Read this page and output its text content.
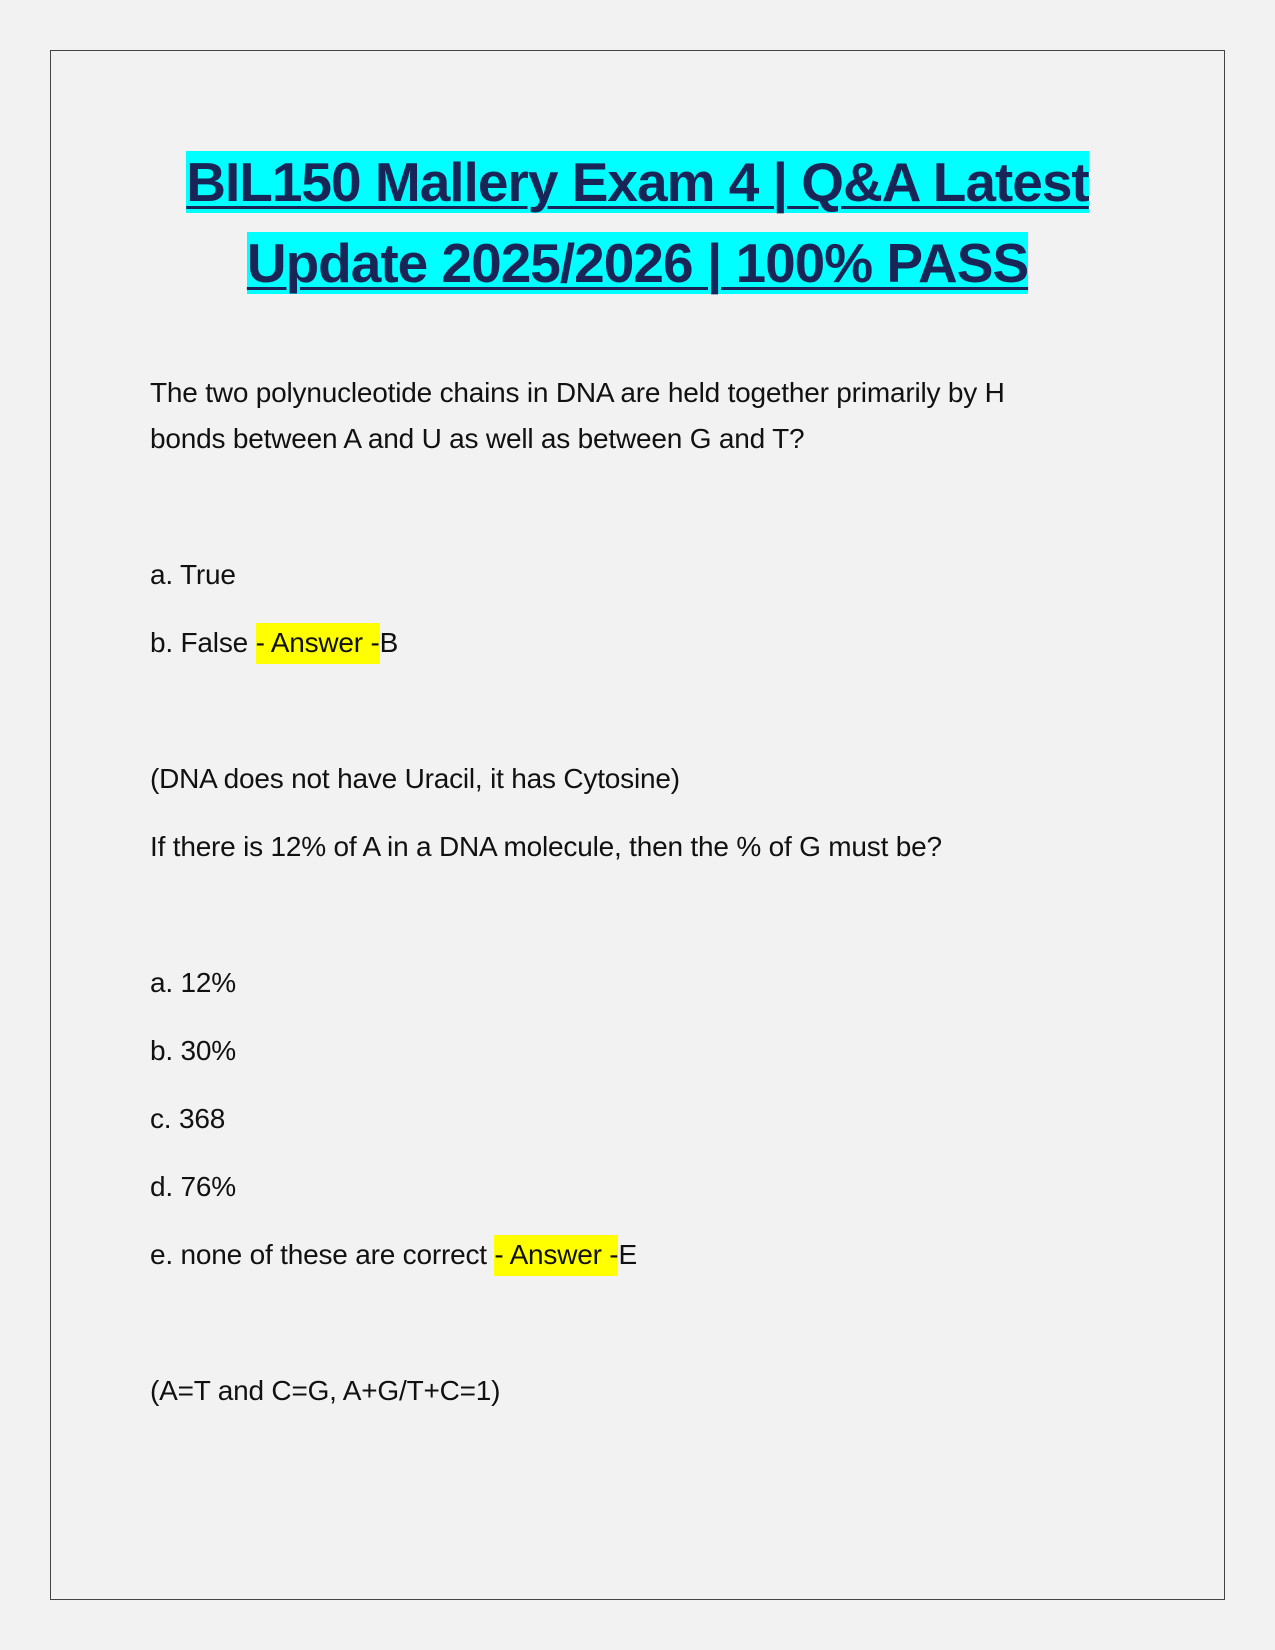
BIL150 Mallery Exam 4 | Q&A Latest
Update 2025/2026 | 100% PASS
The two polynucleotide chains in DNA are held together primarily by H
bonds between A and U as well as between G and T?
a. True
b. False - Answer -B
(DNA does not have Uracil, it has Cytosine)
If there is 12% of A in a DNA molecule, then the % of G must be?
a. 12%
b. 30%
c. 368
d. 76%
e. none of these are correct - Answer -E
(A=T and C=G, A+G/T+C=1)
